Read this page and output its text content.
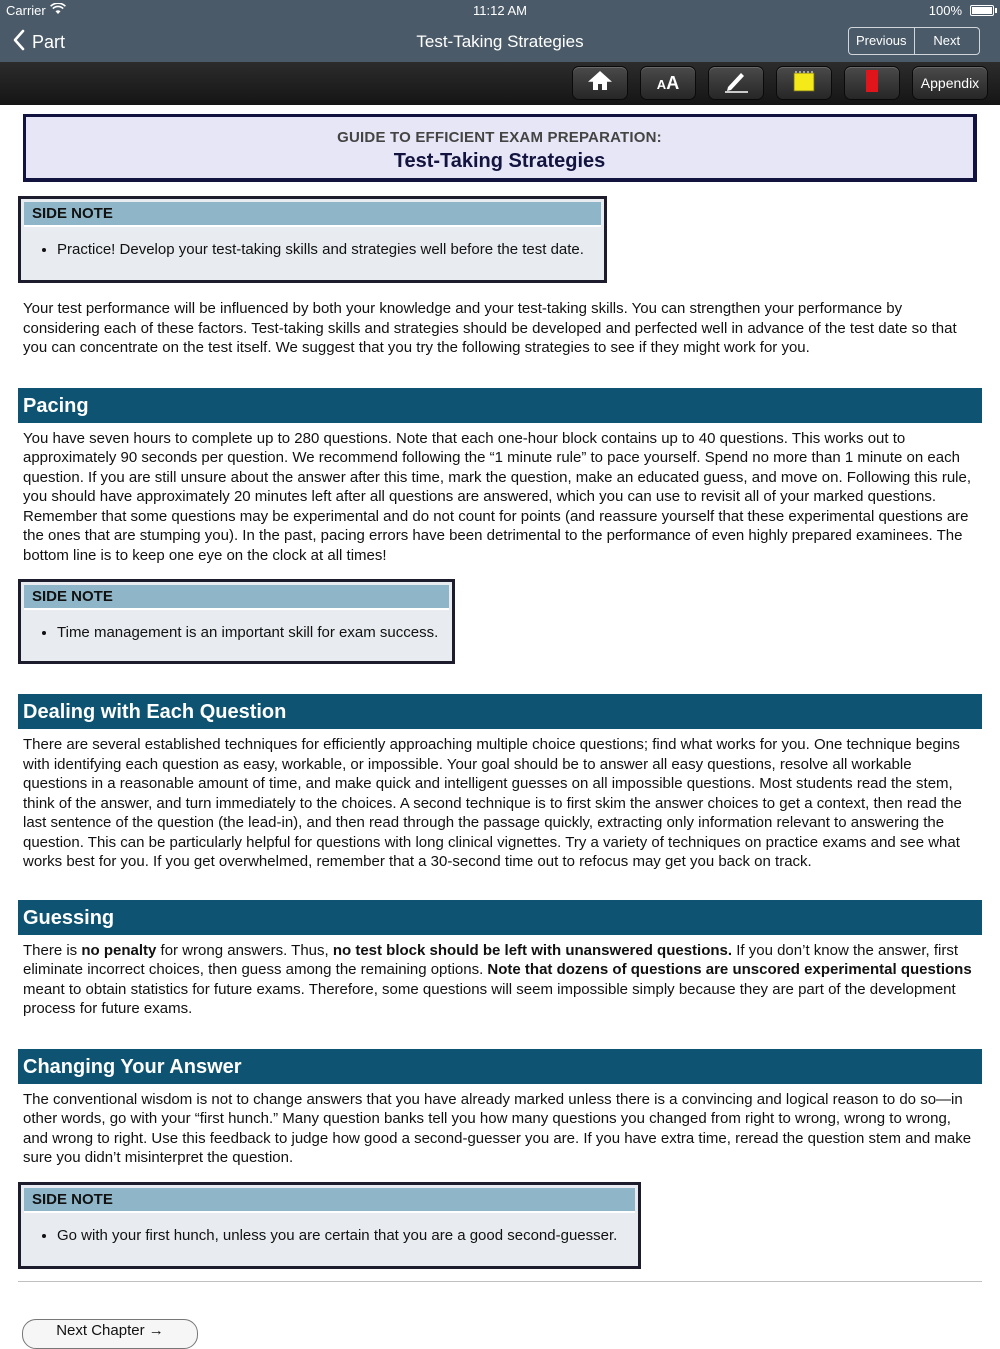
Carrier	11:12 AM	100%
Part	Test-Taking Strategies	Previous	Next
AA	Appendix
GUIDE TO EFFICIENT EXAM PREPARATION:
Test-Taking Strategies
SIDE NOTE
• Practice! Develop your test-taking skills and strategies well before the test date.

Your test performance will be influenced by both your knowledge and your test-taking skills. You can strengthen your performance by considering each of these factors. Test-taking skills and strategies should be developed and perfected well in advance of the test date so that you can concentrate on the test itself. We suggest that you try the following strategies to see if they might work for you.

Pacing

You have seven hours to complete up to 280 questions. Note that each one-hour block contains up to 40 questions. This works out to approximately 90 seconds per question. We recommend following the “1 minute rule” to pace yourself. Spend no more than 1 minute on each question. If you are still unsure about the answer after this time, mark the question, make an educated guess, and move on. Following this rule, you should have approximately 20 minutes left after all questions are answered, which you can use to revisit all of your marked questions. Remember that some questions may be experimental and do not count for points (and reassure yourself that these experimental questions are the ones that are stumping you). In the past, pacing errors have been detrimental to the performance of even highly prepared examinees. The bottom line is to keep one eye on the clock at all times!

SIDE NOTE
• Time management is an important skill for exam success.
Dealing with Each Question

There are several established techniques for efficiently approaching multiple choice questions; find what works for you. One technique begins with identifying each question as easy, workable, or impossible. Your goal should be to answer all easy questions, resolve all workable questions in a reasonable amount of time, and make quick and intelligent guesses on all impossible questions. Most students read the stem, think of the answer, and turn immediately to the choices. A second technique is to first skim the answer choices to get a context, then read the last sentence of the question (the lead-in), and then read through the passage quickly, extracting only information relevant to answering the question. This can be particularly helpful for questions with long clinical vignettes. Try a variety of techniques on practice exams and see what works best for you. If you get overwhelmed, remember that a 30-second time out to refocus may get you back on track.

Guessing

There is no penalty for wrong answers. Thus, no test block should be left with unanswered questions. If you don’t know the answer, first eliminate incorrect choices, then guess among the remaining options. Note that dozens of questions are unscored experimental questions meant to obtain statistics for future exams. Therefore, some questions will seem impossible simply because they are part of the development process for future exams.

Changing Your Answer

The conventional wisdom is not to change answers that you have already marked unless there is a convincing and logical reason to do so—in other words, go with your “first hunch.” Many question banks tell you how many questions you changed from right to wrong, wrong to wrong, and wrong to right. Use this feedback to judge how good a second-guesser you are. If you have extra time, reread the question stem and make sure you didn’t misinterpret the question.

SIDE NOTE
• Go with your first hunch, unless you are certain that you are a good second-guesser.
Next Chapter →
